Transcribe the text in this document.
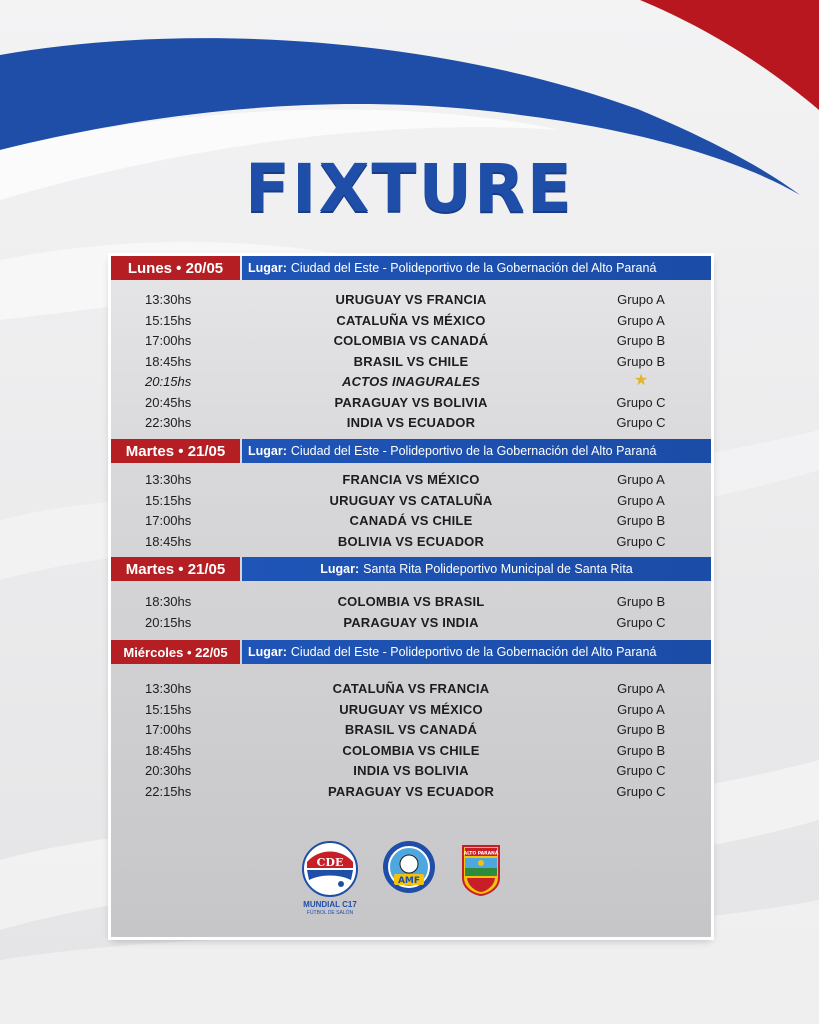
FIXTURE
Lunes • 20/05	Lugar: Ciudad del Este - Polideportivo de la Gobernación del Alto Paraná
13:30hs	URUGUAY VS FRANCIA	Grupo A
15:15hs	CATALUÑA VS MÉXICO	Grupo A
17:00hs	COLOMBIA VS CANADÁ	Grupo B
18:45hs	BRASIL VS CHILE	Grupo B
20:15hs	ACTOS INAGURALES	★
20:45hs	PARAGUAY VS BOLIVIA	Grupo C
22:30hs	INDIA VS ECUADOR	Grupo C
Martes • 21/05	Lugar: Ciudad del Este - Polideportivo de la Gobernación del Alto Paraná
13:30hs	FRANCIA VS MÉXICO	Grupo A
15:15hs	URUGUAY VS CATALUÑA	Grupo A
17:00hs	CANADÁ VS CHILE	Grupo B
18:45hs	BOLIVIA VS ECUADOR	Grupo C
Martes • 21/05	Lugar: Santa Rita Polideportivo Municipal de Santa Rita
18:30hs	COLOMBIA VS BRASIL	Grupo B
20:15hs	PARAGUAY VS INDIA	Grupo C
Miércoles • 22/05	Lugar: Ciudad del Este - Polideportivo de la Gobernación del Alto Paraná
13:30hs	CATALUÑA VS FRANCIA	Grupo A
15:15hs	URUGUAY VS MÉXICO	Grupo A
17:00hs	BRASIL VS CANADÁ	Grupo B
18:45hs	COLOMBIA VS CHILE	Grupo B
20:30hs	INDIA VS BOLIVIA	Grupo C
22:15hs	PARAGUAY VS ECUADOR	Grupo C
CDE
MUNDIAL C17
FÚTBOL DE SALÓN
AMF
ALTO PARANÁ
